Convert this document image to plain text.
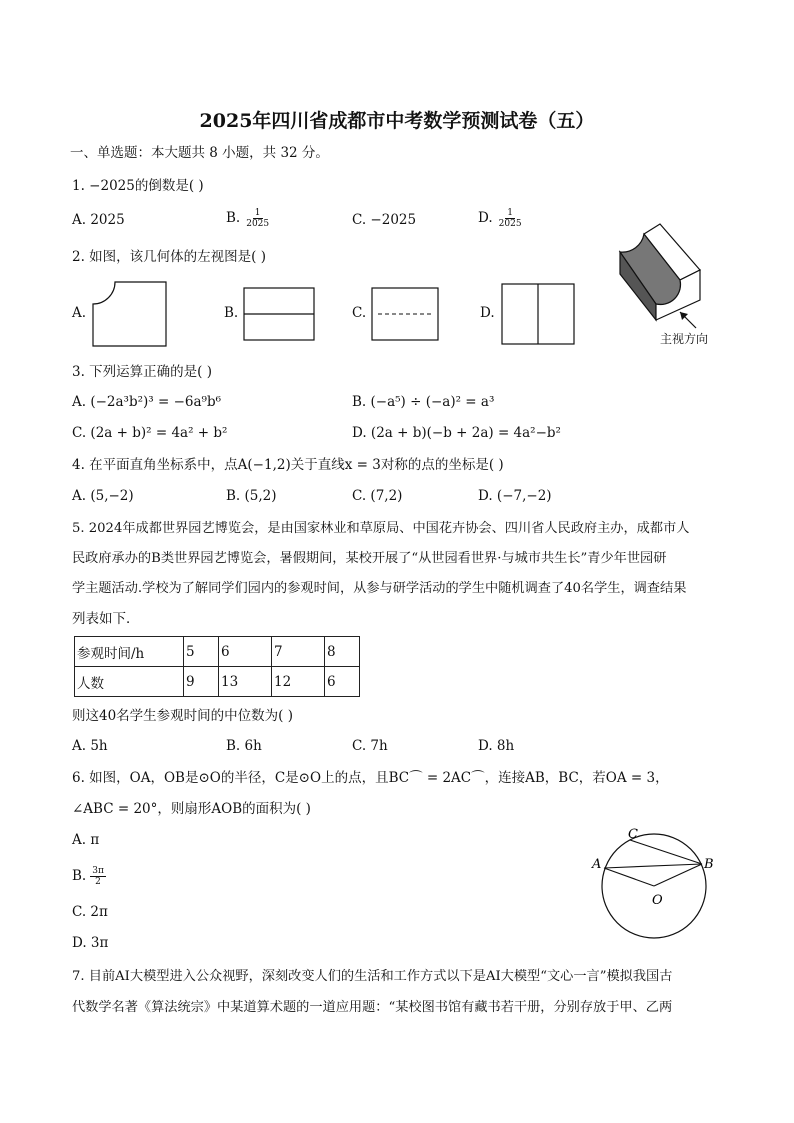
2025年四川省成都市中考数学预测试卷（五）
一、单选题：本大题共 8 小题，共 32 分。
1. −2025的倒数是( )
A. 2025	B. $\frac{1}{2025}$	C. −2025	D. $\frac{1}{2025}$
2. 如图，该几何体的左视图是( )
A.	B.	C.	D.
主视方向
3. 下列运算正确的是( )
A. (−2a³b²)³ = −6a⁹b⁶	B. (−a⁵) ÷ (−a)² = a³
C. (2a + b)² = 4a² + b²	D. (2a + b)(−b + 2a) = 4a²−b²
4. 在平面直角坐标系中，点A(−1,2)关于直线x = 3对称的点的坐标是( )
A. (5,−2)	B. (5,2)	C. (7,2)	D. (−7,−2)
5. 2024年成都世界园艺博览会，是由国家林业和草原局、中国花卉协会、四川省人民政府主办，成都市人
民政府承办的B类世界园艺博览会，暑假期间，某校开展了“从世园看世界·与城市共生长”青少年世园研
学主题活动.学校为了解同学们园内的参观时间，从参与研学活动的学生中随机调查了40名学生，调查结果
列表如下．
参观时间/h	5	6	7	8
人数	9	13	12	6
则这40名学生参观时间的中位数为( )
A. 5h	B. 6h	C. 7h	D. 8h
6. 如图，OA，OB是⊙O的半径，C是⊙O上的点，且BC⌒ = 2AC⌒，连接AB，BC，若OA = 3，
∠ABC = 20°，则扇形AOB的面积为( )
A. π
B. $\frac{3\pi}{2}$
C. 2π
D. 3π
C
A	B
O
7. 目前AI大模型进入公众视野，深刻改变人们的生活和工作方式以下是AI大模型“文心一言”模拟我国古
代数学名著《算法统宗》中某道算术题的一道应用题：“某校图书馆有藏书若干册，分别存放于甲、乙两
